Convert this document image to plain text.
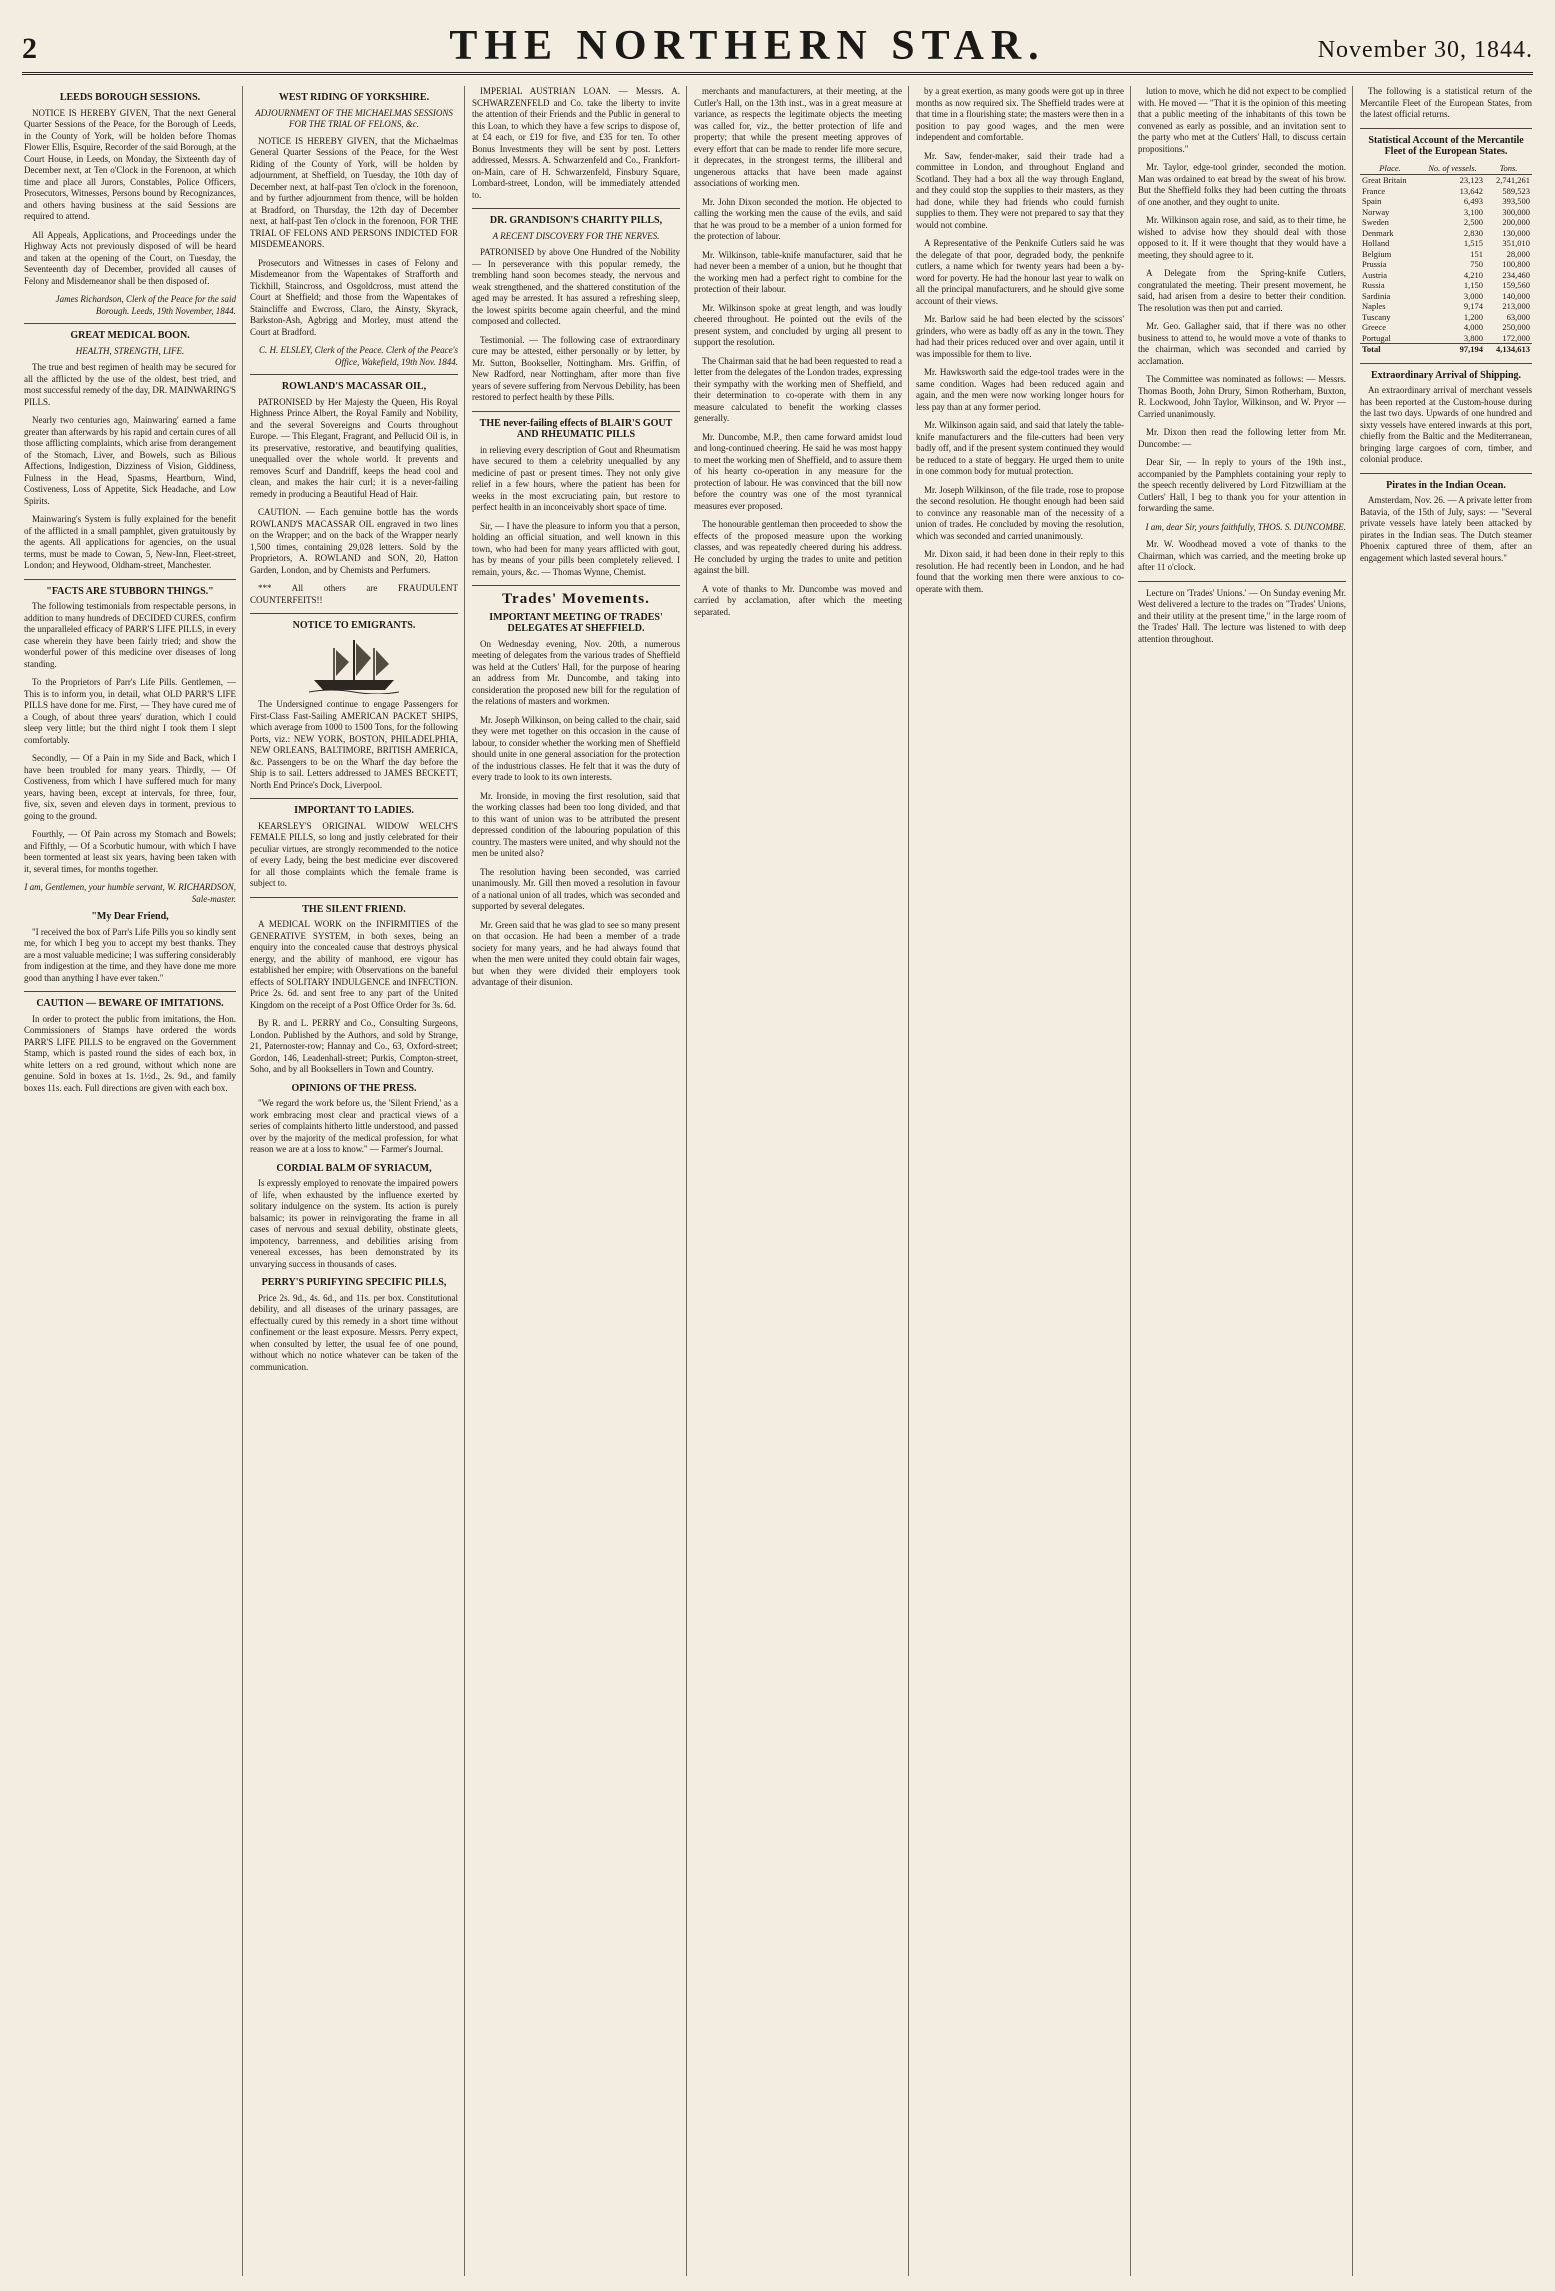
2	THE NORTHERN STAR.	November 30, 1844.
LEEDS BOROUGH SESSIONS.

NOTICE IS HEREBY GIVEN, That the next General Quarter Sessions of the Peace, for the Borough of Leeds, in the County of York, will be holden before Thomas Flower Ellis, Esquire, Recorder of the said Borough, at the Court House, in Leeds, on Monday, the Sixteenth day of December next, at Ten o'Clock in the Forenoon, at which time and place all Jurors, Constables, Police Officers, Prosecutors, Witnesses, Persons bound by Recognizances, and others having business at the said Sessions are required to attend.

All Appeals, Applications, and Proceedings under the Highway Acts not previously disposed of will be heard and taken at the opening of the Court, on Tuesday, the Seventeenth day of December, provided all causes of Felony and Misdemeanor shall be then disposed of.

James Richardson, Clerk of the Peace for the said Borough. Leeds, 19th November, 1844.

GREAT MEDICAL BOON.
HEALTH, STRENGTH, LIFE.

The true and best regimen of health may be secured for all the afflicted by the use of the oldest, best tried, and most successful remedy of the day, DR. MAINWARING'S PILLS.

Nearly two centuries ago, Mainwaring' earned a fame greater than afterwards by his rapid and certain cures of all those afflicting complaints, which arise from derangement of the Stomach, Liver, and Bowels, such as Bilious Affections, Indigestion, Dizziness of Vision, Giddiness, Fulness in the Head, Spasms, Heartburn, Wind, Costiveness, Loss of Appetite, Sick Headache, and Low Spirits.

Mainwaring's System is fully explained for the benefit of the afflicted in a small pamphlet, given gratuitously by the agents. All applications for agencies, on the usual terms, must be made to Cowan, 5, New-Inn, Fleet-street, London; and Heywood, Oldham-street, Manchester.

"FACTS ARE STUBBORN THINGS."

The following testimonials from respectable persons, in addition to many hundreds of DECIDED CURES, confirm the unparalleled efficacy of PARR'S LIFE PILLS, in every case wherein they have been fairly tried; and show the wonderful power of this medicine over diseases of long standing.

To the Proprietors of Parr's Life Pills. Gentlemen, — This is to inform you, in detail, what OLD PARR'S LIFE PILLS have done for me. First, — They have cured me of a Cough, of about three years' duration, which I could sleep very little; but the third night I took them I slept comfortably.

Secondly, — Of a Pain in my Side and Back, which I have been troubled for many years. Thirdly, — Of Costiveness, from which I have suffered much for many years, having been, except at intervals, for three, four, five, six, seven and eleven days in torment, previous to going to the ground.

Fourthly, — Of Pain across my Stomach and Bowels; and Fifthly, — Of a Scorbutic humour, with which I have been tormented at least six years, having been taken with it, several times, for months together.

I am, Gentlemen, your humble servant, W. RICHARDSON, Sale-master.

"My Dear Friend,

"I received the box of Parr's Life Pills you so kindly sent me, for which I beg you to accept my best thanks. They are a most valuable medicine; I was suffering considerably from indigestion at the time, and they have done me more good than anything I have ever taken."

CAUTION — BEWARE OF IMITATIONS.

In order to protect the public from imitations, the Hon. Commissioners of Stamps have ordered the words PARR'S LIFE PILLS to be engraved on the Government Stamp, which is pasted round the sides of each box, in white letters on a red ground, without which none are genuine. Sold in boxes at 1s. 1½d., 2s. 9d., and family boxes 11s. each. Full directions are given with each box.

WEST RIDING OF YORKSHIRE.
ADJOURNMENT OF THE MICHAELMAS SESSIONS FOR THE TRIAL OF FELONS, &c.

NOTICE IS HEREBY GIVEN, that the Michaelmas General Quarter Sessions of the Peace, for the West Riding of the County of York, will be holden by adjournment, at Sheffield, on Tuesday, the 10th day of December next, at half-past Ten o'clock in the forenoon, and by further adjournment from thence, will be holden at Bradford, on Thursday, the 12th day of December next, at half-past Ten o'clock in the forenoon, FOR THE TRIAL OF FELONS AND PERSONS INDICTED FOR MISDEMEANORS.

Prosecutors and Witnesses in cases of Felony and Misdemeanor from the Wapentakes of Strafforth and Tickhill, Staincross, and Osgoldcross, must attend the Court at Sheffield; and those from the Wapentakes of Staincliffe and Ewcross, Claro, the Ainsty, Skyrack, Barkston-Ash, Agbrigg and Morley, must attend the Court at Bradford.

C. H. ELSLEY, Clerk of the Peace. Clerk of the Peace's Office, Wakefield, 19th Nov. 1844.

ROWLAND'S MACASSAR OIL,

PATRONISED by Her Majesty the Queen, His Royal Highness Prince Albert, the Royal Family and Nobility, and the several Sovereigns and Courts throughout Europe. — This Elegant, Fragrant, and Pellucid Oil is, in its preservative, restorative, and beautifying qualities, unequalled over the whole world. It prevents and removes Scurf and Dandriff, keeps the head cool and clean, and makes the hair curl; it is a never-failing remedy in producing a Beautiful Head of Hair.

CAUTION. — Each genuine bottle has the words ROWLAND'S MACASSAR OIL engraved in two lines on the Wrapper; and on the back of the Wrapper nearly 1,500 times, containing 29,028 letters. Sold by the Proprietors, A. ROWLAND and SON, 20, Hatton Garden, London, and by Chemists and Perfumers.

*** All others are FRAUDULENT COUNTERFEITS!!

NOTICE TO EMIGRANTS.

The Undersigned continue to engage Passengers for First-Class Fast-Sailing AMERICAN PACKET SHIPS, which average from 1000 to 1500 Tons, for the following Ports, viz.: NEW YORK, BOSTON, PHILADELPHIA, NEW ORLEANS, BALTIMORE, BRITISH AMERICA, &c. Passengers to be on the Wharf the day before the Ship is to sail. Letters addressed to JAMES BECKETT, North End Prince's Dock, Liverpool.

IMPORTANT TO LADIES.

KEARSLEY'S ORIGINAL WIDOW WELCH'S FEMALE PILLS, so long and justly celebrated for their peculiar virtues, are strongly recommended to the notice of every Lady, being the best medicine ever discovered for all those complaints which the female frame is subject to.

THE SILENT FRIEND.

A MEDICAL WORK on the INFIRMITIES of the GENERATIVE SYSTEM, in both sexes, being an enquiry into the concealed cause that destroys physical energy, and the ability of manhood, ere vigour has established her empire; with Observations on the baneful effects of SOLITARY INDULGENCE and INFECTION. Price 2s. 6d. and sent free to any part of the United Kingdom on the receipt of a Post Office Order for 3s. 6d.

By R. and L. PERRY and Co., Consulting Surgeons, London. Published by the Authors, and sold by Strange, 21, Paternoster-row; Hannay and Co., 63, Oxford-street; Gordon, 146, Leadenhall-street; Purkis, Compton-street, Soho, and by all Booksellers in Town and Country.

OPINIONS OF THE PRESS.

"We regard the work before us, the 'Silent Friend,' as a work embracing most clear and practical views of a series of complaints hitherto little understood, and passed over by the majority of the medical profession, for what reason we are at a loss to know." — Farmer's Journal.

CORDIAL BALM OF SYRIACUM,

Is expressly employed to renovate the impaired powers of life, when exhausted by the influence exerted by solitary indulgence on the system. Its action is purely balsamic; its power in reinvigorating the frame in all cases of nervous and sexual debility, obstinate gleets, impotency, barrenness, and debilities arising from venereal excesses, has been demonstrated by its unvarying success in thousands of cases.

PERRY'S PURIFYING SPECIFIC PILLS,

Price 2s. 9d., 4s. 6d., and 11s. per box. Constitutional debility, and all diseases of the urinary passages, are effectually cured by this remedy in a short time without confinement or the least exposure. Messrs. Perry expect, when consulted by letter, the usual fee of one pound, without which no notice whatever can be taken of the communication.

IMPERIAL AUSTRIAN LOAN. — Messrs. A. SCHWARZENFELD and Co. take the liberty to invite the attention of their Friends and the Public in general to this Loan, to which they have a few scrips to dispose of, at £4 each, or £19 for five, and £35 for ten. To other Bonus Investments they will be sent by post. Letters addressed, Messrs. A. Schwarzenfeld and Co., Frankfort-on-Main, care of H. Schwarzenfeld, Finsbury Square, Lombard-street, London, will be immediately attended to.

DR. GRANDISON'S CHARITY PILLS,
A RECENT DISCOVERY FOR THE NERVES.

PATRONISED by above One Hundred of the Nobility — In perseverance with this popular remedy, the trembling hand soon becomes steady, the nervous and weak strengthened, and the shattered constitution of the aged may be arrested. It has assured a refreshing sleep, the lowest spirits become again cheerful, and the mind composed and collected.

Testimonial. — The following case of extraordinary cure may be attested, either personally or by letter, by Mr. Sutton, Bookseller, Nottingham. Mrs. Griffin, of New Radford, near Nottingham, after more than five years of severe suffering from Nervous Debility, has been restored to perfect health by these Pills.

THE never-failing effects of BLAIR'S GOUT AND RHEUMATIC PILLS

in relieving every description of Gout and Rheumatism have secured to them a celebrity unequalled by any medicine of past or present times. They not only give relief in a few hours, where the patient has been for weeks in the most excruciating pain, but restore to perfect health in an inconceivably short space of time.

Sir, — I have the pleasure to inform you that a person, holding an official situation, and well known in this town, who had been for many years afflicted with gout, has by means of your pills been completely relieved. I remain, yours, &c. — Thomas Wynne, Chemist.

Trades' Movements.
IMPORTANT MEETING OF TRADES' DELEGATES AT SHEFFIELD.

On Wednesday evening, Nov. 20th, a numerous meeting of delegates from the various trades of Sheffield was held at the Cutlers' Hall, for the purpose of hearing an address from Mr. Duncombe, and taking into consideration the proposed new bill for the regulation of the relations of masters and workmen.

Mr. Joseph Wilkinson, on being called to the chair, said they were met together on this occasion in the cause of labour, to consider whether the working men of Sheffield should unite in one general association for the protection of the industrious classes. He felt that it was the duty of every trade to look to its own interests.

Mr. Ironside, in moving the first resolution, said that the working classes had been too long divided, and that to this want of union was to be attributed the present depressed condition of the labouring population of this country. The masters were united, and why should not the men be united also?

The resolution having been seconded, was carried unanimously. Mr. Gill then moved a resolution in favour of a national union of all trades, which was seconded and supported by several delegates.

Mr. Green said that he was glad to see so many present on that occasion. He had been a member of a trade society for many years, and he had always found that when the men were united they could obtain fair wages, but when they were divided their employers took advantage of their disunion.

merchants and manufacturers, at their meeting, at the Cutler's Hall, on the 13th inst., was in a great measure at variance, as respects the legitimate objects the meeting was called for, viz., the better protection of life and property; that while the present meeting approves of every effort that can be made to render life more secure, it deprecates, in the strongest terms, the illiberal and ungenerous attacks that have been made against associations of working men.

Mr. John Dixon seconded the motion. He objected to calling the working men the cause of the evils, and said that he was proud to be a member of a union formed for the protection of labour.

Mr. Wilkinson, table-knife manufacturer, said that he had never been a member of a union, but he thought that the working men had a perfect right to combine for the protection of their labour.

Mr. Wilkinson spoke at great length, and was loudly cheered throughout. He pointed out the evils of the present system, and concluded by urging all present to support the resolution.

The Chairman said that he had been requested to read a letter from the delegates of the London trades, expressing their sympathy with the working men of Sheffield, and their determination to co-operate with them in any measure calculated to benefit the working classes generally.

Mr. Duncombe, M.P., then came forward amidst loud and long-continued cheering. He said he was most happy to meet the working men of Sheffield, and to assure them of his hearty co-operation in any measure for the protection of labour. He was convinced that the bill now before the country was one of the most tyrannical measures ever proposed.

The honourable gentleman then proceeded to show the effects of the proposed measure upon the working classes, and was repeatedly cheered during his address. He concluded by urging the trades to unite and petition against the bill.

A vote of thanks to Mr. Duncombe was moved and carried by acclamation, after which the meeting separated.

by a great exertion, as many goods were got up in three months as now required six. The Sheffield trades were at that time in a flourishing state; the masters were then in a position to pay good wages, and the men were independent and comfortable.

Mr. Saw, fender-maker, said their trade had a committee in London, and throughout England and Scotland. They had a box all the way through England, and they could stop the supplies to their masters, as they had done, while they had friends who could furnish supplies to them. They were not prepared to say that they would not combine.

A Representative of the Penknife Cutlers said he was the delegate of that poor, degraded body, the penknife cutlers, a name which for twenty years had been a by-word for poverty. He had the honour last year to walk on all the principal manufacturers, and he should give some account of their views.

Mr. Barlow said he had been elected by the scissors' grinders, who were as badly off as any in the town. They had had their prices reduced over and over again, until it was impossible for them to live.

Mr. Hawksworth said the edge-tool trades were in the same condition. Wages had been reduced again and again, and the men were now working longer hours for less pay than at any former period.

Mr. Wilkinson again said, and said that lately the table-knife manufacturers and the file-cutters had been very badly off, and if the present system continued they would be reduced to a state of beggary. He urged them to unite in one common body for mutual protection.

Mr. Joseph Wilkinson, of the file trade, rose to propose the second resolution. He thought enough had been said to convince any reasonable man of the necessity of a union of trades. He concluded by moving the resolution, which was seconded and carried unanimously.

Mr. Dixon said, it had been done in their reply to this resolution. He had recently been in London, and he had found that the working men there were anxious to co-operate with them.

lution to move, which he did not expect to be complied with. He moved — "That it is the opinion of this meeting that a public meeting of the inhabitants of this town be convened as early as possible, and an invitation sent to the party who met at the Cutlers' Hall, to discuss certain propositions."

Mr. Taylor, edge-tool grinder, seconded the motion. Man was ordained to eat bread by the sweat of his brow. But the Sheffield folks they had been cutting the throats of one another, and they ought to unite.

Mr. Wilkinson again rose, and said, as to their time, he wished to advise how they should deal with those opposed to it. If it were thought that they would have a meeting, they should agree to it.

A Delegate from the Spring-knife Cutlers, congratulated the meeting. Their present movement, he said, had arisen from a desire to better their condition. The resolution was then put and carried.

Mr. Geo. Gallagher said, that if there was no other business to attend to, he would move a vote of thanks to the chairman, which was seconded and carried by acclamation.

The Committee was nominated as follows: — Messrs. Thomas Booth, John Drury, Simon Rotherham, Buxton, R. Lockwood, John Taylor, Wilkinson, and W. Pryor — Carried unanimously.

Mr. Dixon then read the following letter from Mr. Duncombe: —

Dear Sir, — In reply to yours of the 19th inst., accompanied by the Pamphlets containing your reply to the speech recently delivered by Lord Fitzwilliam at the Cutlers' Hall, I beg to thank you for your attention in forwarding the same.

I am, dear Sir, yours faithfully, THOS. S. DUNCOMBE.

Mr. W. Woodhead moved a vote of thanks to the Chairman, which was carried, and the meeting broke up after 11 o'clock.

Lecture on 'Trades' Unions.' — On Sunday evening Mr. West delivered a lecture to the trades on "Trades' Unions, and their utility at the present time," in the large room of the Trades' Hall. The lecture was listened to with deep attention throughout.

The following is a statistical return of the Mercantile Fleet of the European States, from the latest official returns.

Statistical Account of the Mercantile Fleet of the European States.
Place.	No. of vessels.	Tons.
Great Britain	23,123	2,741,261
France	13,642	589,523
Spain	6,493	393,500
Norway	3,100	300,000
Sweden	2,500	200,000
Denmark	2,830	130,000
Holland	1,515	351,010
Belgium	151	28,000
Prussia	750	100,800
Austria	4,210	234,460
Russia	1,150	159,560
Sardinia	3,000	140,000
Naples	9,174	213,000
Tuscany	1,200	63,000
Greece	4,000	250,000
Portugal	3,800	172,000
Total	97,194	4,134,613
Extraordinary Arrival of Shipping.

An extraordinary arrival of merchant vessels has been reported at the Custom-house during the last two days. Upwards of one hundred and sixty vessels have entered inwards at this port, chiefly from the Baltic and the Mediterranean, bringing large cargoes of corn, timber, and colonial produce.

Pirates in the Indian Ocean.

Amsterdam, Nov. 26. — A private letter from Batavia, of the 15th of July, says: — "Several private vessels have lately been attacked by pirates in the Indian seas. The Dutch steamer Phoenix captured three of them, after an engagement which lasted several hours."
